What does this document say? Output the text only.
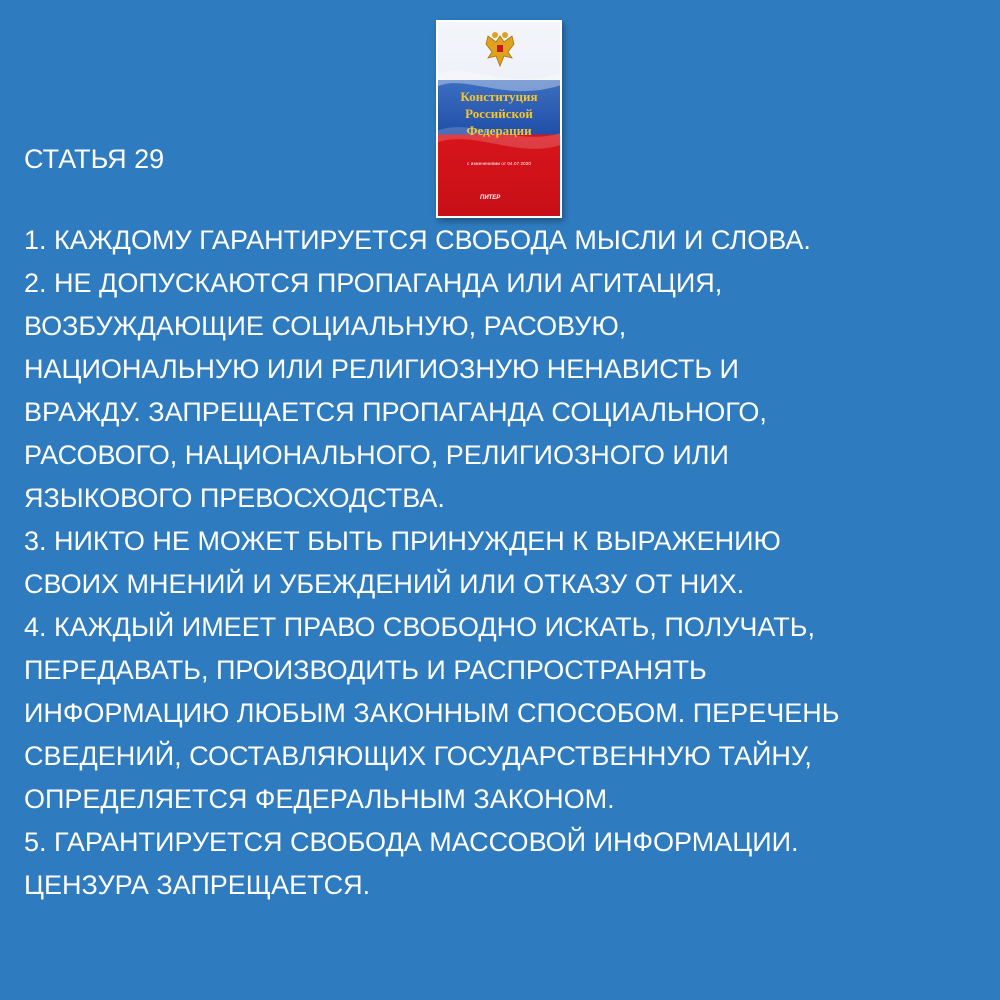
Конституция
Российской
Федерации
с изменениями от 04.07.2020
ПИТЕР
СТАТЬЯ 29
1. КАЖДОМУ ГАРАНТИРУЕТСЯ СВОБОДА МЫСЛИ И СЛОВА.
2. НЕ ДОПУСКАЮТСЯ ПРОПАГАНДА ИЛИ АГИТАЦИЯ,
ВОЗБУЖДАЮЩИЕ СОЦИАЛЬНУЮ, РАСОВУЮ,
НАЦИОНАЛЬНУЮ ИЛИ РЕЛИГИОЗНУЮ НЕНАВИСТЬ И
ВРАЖДУ. ЗАПРЕЩАЕТСЯ ПРОПАГАНДА СОЦИАЛЬНОГО,
РАСОВОГО, НАЦИОНАЛЬНОГО, РЕЛИГИОЗНОГО ИЛИ
ЯЗЫКОВОГО ПРЕВОСХОДСТВА.
3. НИКТО НЕ МОЖЕТ БЫТЬ ПРИНУЖДЕН К ВЫРАЖЕНИЮ
СВОИХ МНЕНИЙ И УБЕЖДЕНИЙ ИЛИ ОТКАЗУ ОТ НИХ.
4. КАЖДЫЙ ИМЕЕТ ПРАВО СВОБОДНО ИСКАТЬ, ПОЛУЧАТЬ,
ПЕРЕДАВАТЬ, ПРОИЗВОДИТЬ И РАСПРОСТРАНЯТЬ
ИНФОРМАЦИЮ ЛЮБЫМ ЗАКОННЫМ СПОСОБОМ. ПЕРЕЧЕНЬ
СВЕДЕНИЙ, СОСТАВЛЯЮЩИХ ГОСУДАРСТВЕННУЮ ТАЙНУ,
ОПРЕДЕЛЯЕТСЯ ФЕДЕРАЛЬНЫМ ЗАКОНОМ.
5. ГАРАНТИРУЕТСЯ СВОБОДА МАССОВОЙ ИНФОРМАЦИИ.
ЦЕНЗУРА ЗАПРЕЩАЕТСЯ.
